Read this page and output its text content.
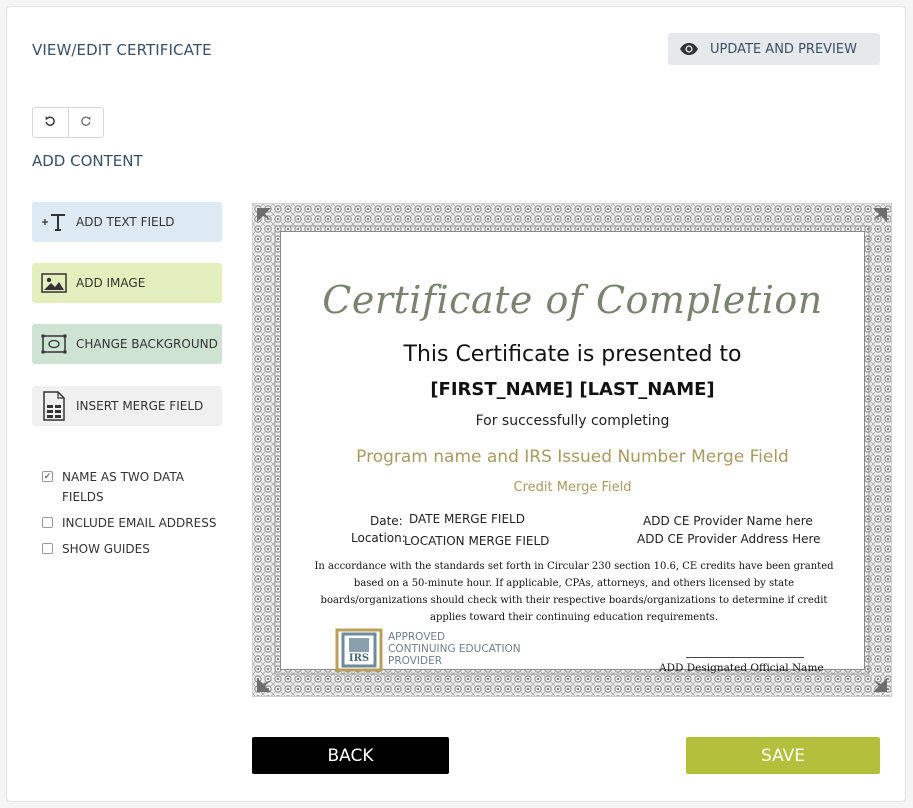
VIEW/EDIT CERTIFICATE	UPDATE AND PREVIEW
ADD CONTENT
ADD TEXT FIELD
ADD IMAGE
CHANGE BACKGROUND
INSERT MERGE FIELD
✓ NAME AS TWO DATA
FIELDS
INCLUDE EMAIL ADDRESS
SHOW GUIDES
Certificate of Completion
This Certificate is presented to
[FIRST_NAME] [LAST_NAME]
For successfully completing
Program name and IRS Issued Number Merge Field
Credit Merge Field
Date: DATE MERGE FIELD
Location:
LOCATION MERGE FIELD
ADD CE Provider Name here
ADD CE Provider Address Here
In accordance with the standards set forth in Circular 230 section 10.6, CE credits have been granted based on a 50-minute hour. If applicable, CPAs, attorneys, and others licensed by state boards/organizations should check with their respective boards/organizations to determine if credit applies toward their continuing education requirements.
IRS
APPROVED
CONTINUING EDUCATION
PROVIDER
ADD Designated Official Name
BACK	SAVE
